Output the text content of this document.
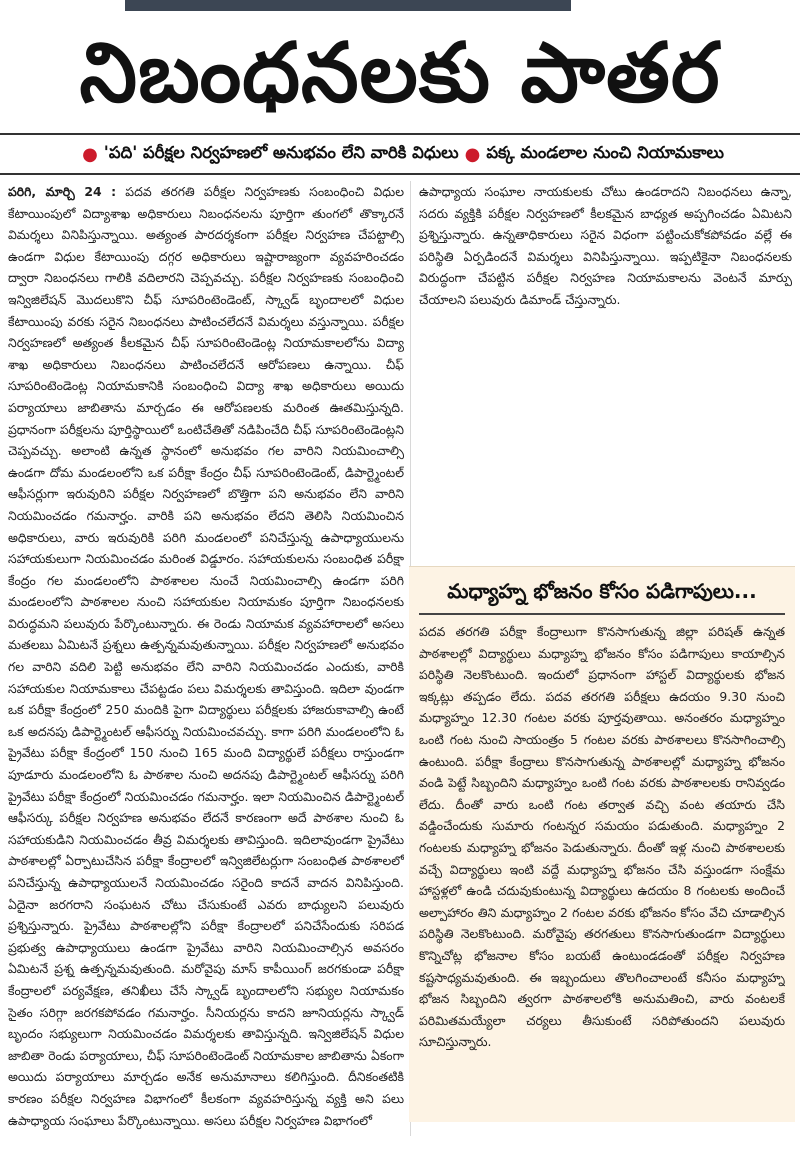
నిబంధనలకు పాతర
● 'పది' పరీక్షల నిర్వహణలో అనుభవం లేని వారికి విధులు ● పక్క మండలాల నుంచి నియామకాలు

పరిగి, మార్చి 24 : పదవ తరగతి పరీక్షల నిర్వహణకు సంబంధించి విధుల కేటాయింపులో విద్యాశాఖ అధికారులు నిబంధనలను పూర్తిగా తుంగలో తొక్కారనే విమర్శలు వినిపిస్తున్నాయి. అత్యంత పారదర్శకంగా పరీక్షల నిర్వహణ చేపట్టాల్సి ఉండగా విధుల కేటాయింపు దగ్గర అధికారులు ఇష్టారాజ్యంగా వ్యవహరించడం ద్వారా నిబంధనలు గాలికి వదిలారని చెప్పవచ్చు. పరీక్షల నిర్వహణకు సంబంధించి ఇన్విజిలేషన్ మొదలుకొని చీఫ్ సూపరింటెండెంట్, స్క్వాడ్ బృందాలలో విధుల కేటాయింపు వరకు సరైన నిబంధనలు పాటించలేదనే విమర్శలు వస్తున్నాయి. పరీక్షల నిర్వహణలో అత్యంత కీలకమైన చీఫ్ సూపరింటెండెంట్ల నియామకాలలోను విద్యా శాఖ అధికారులు నిబంధనలు పాటించలేదనే ఆరోపణలు ఉన్నాయి. చీఫ్ సూపరింటెండెంట్ల నియామకానికి సంబంధించి విద్యా శాఖ అధికారులు అయిదు పర్యాయాలు జాబితాను మార్చడం ఈ ఆరోపణలకు మరింత ఊతమిస్తున్నది. ప్రధానంగా పరీక్షలను పూర్తిస్థాయిలో ఒంటిచేతితో నడిపించేది చీఫ్ సూపరింటెండెంట్లని చెప్పవచ్చు. అలాంటి ఉన్నత స్థానంలో అనుభవం గల వారిని నియమించాల్సి ఉండగా దోమ మండలంలోని ఒక పరీక్షా కేంద్రం చీఫ్ సూపరింటెండెంట్, డిపార్ట్మెంటల్ ఆఫీసర్లుగా ఇరువురిని పరీక్షల నిర్వహణలో బొత్తిగా పని అనుభవం లేని వారిని నియమించడం గమనార్హం. వారికి పని అనుభవం లేదని తెలిసి నియమించిన అధికారులు, వారు ఇరువురికి పరిగి మండలంలో పనిచేస్తున్న ఉపాధ్యాయులను సహాయకులుగా నియమించడం మరింత విడ్డూరం. సహాయకులను సంబంధిత పరీక్షా కేంద్రం గల మండలంలోని పాఠశాలల నుంచే నియమించాల్సి ఉండగా పరిగి మండలంలోని పాఠశాలల నుంచి సహాయకుల నియామకం పూర్తిగా నిబంధనలకు విరుద్ధమని పలువురు పేర్కొంటున్నారు. ఈ రెండు నియామక వ్యవహారాలలో అసలు మతలబు ఏమిటనే ప్రశ్నలు ఉత్పన్నమవుతున్నాయి. పరీక్షల నిర్వహణలో అనుభవం గల వారిని వదిలి పెట్టి అనుభవం లేని వారిని నియమించడం ఎందుకు, వారికి సహాయకుల నియామకాలు చేపట్టడం పలు విమర్శలకు తావిస్తుంది. ఇదిలా వుండగా ఒక పరీక్షా కేంద్రంలో 250 మందికి పైగా విద్యార్థులు పరీక్షలకు హాజరుకావాల్సి ఉంటే ఒక అదనపు డిపార్ట్మెంటల్ ఆఫీసర్ను నియమించవచ్చు. కాగా పరిగి మండలంలోని ఓ ప్రైవేటు పరీక్షా కేంద్రంలో 150 నుంచి 165 మంది విద్యార్థులే పరీక్షలు రాస్తుండగా పూడూరు మండలంలోని ఓ పాఠశాల నుంచి అదనపు డిపార్ట్మెంటల్ ఆఫీసర్ను పరిగి ప్రైవేటు పరీక్షా కేంద్రంలో నియమించడం గమనార్హం. ఇలా నియమించిన డిపార్ట్మెంటల్ ఆఫీసర్కు పరీక్షల నిర్వహణ అనుభవం లేదనే కారణంగా అదే పాఠశాల నుంచి ఓ సహాయకుడిని నియమించడం తీవ్ర విమర్శలకు తావిస్తుంది. ఇదిలావుండగా ప్రైవేటు పాఠశాలల్లో ఏర్పాటుచేసిన పరీక్షా కేంద్రాలలో ఇన్విజిలేటర్లుగా సంబంధిత పాఠశాలలో పనిచేస్తున్న ఉపాధ్యాయులనే నియమించడం సరైంది కాదనే వాదన వినిపిస్తుంది. ఏదైనా జరగరాని సంఘటన చోటు చేసుకుంటే ఎవరు బాధ్యులని పలువురు ప్రశ్నిస్తున్నారు. ప్రైవేటు పాఠశాలల్లోని పరీక్షా కేంద్రాలలో పనిచేసేందుకు సరిపడ ప్రభుత్వ ఉపాధ్యాయులు ఉండగా ప్రైవేటు వారిని నియమించాల్సిన అవసరం ఏమిటనే ప్రశ్న ఉత్పన్నమవుతుంది. మరోవైపు మాస్ కాపీయింగ్ జరగకుండా పరీక్షా కేంద్రాలలో పర్యవేక్షణ, తనిఖీలు చేసే స్క్వాడ్ బృందాలలోని సభ్యుల నియామకం సైతం సరిగ్గా జరగకపోవడం గమనార్హం. సీనియర్లను కాదని జూనియర్లను స్క్వాడ్ బృందం సభ్యులుగా నియమించడం విమర్శలకు తావిస్తున్నది. ఇన్విజిలేషన్ విధుల జాబితా రెండు పర్యాయాలు, చీఫ్ సూపరింటెండెంట్ నియామకాల జాబితాను ఏకంగా అయిదు పర్యాయాలు మార్చడం అనేక అనుమానాలు కలిగిస్తుంది. దీనికంతటికి కారణం పరీక్షల నిర్వహణ విభాగంలో కీలకంగా వ్యవహరిస్తున్న వ్యక్తి అని పలు ఉపాధ్యాయ సంఘాలు పేర్కొంటున్నాయి. అసలు పరీక్షల నిర్వహణ విభాగంలో

ఉపాధ్యాయ సంఘాల నాయకులకు చోటు ఉండరాదని నిబంధనలు ఉన్నా, సదరు వ్యక్తికి పరీక్షల నిర్వహణలో కీలకమైన బాధ్యత అప్పగించడం ఏమిటని ప్రశ్నిస్తున్నారు. ఉన్నతాధికారులు సరైన విధంగా పట్టించుకోకపోవడం వల్లే ఈ పరిస్థితి ఏర్పడిందనే విమర్శలు వినిపిస్తున్నాయి. ఇప్పటికైనా నిబంధనలకు విరుద్ధంగా చేపట్టిన పరీక్షల నిర్వహణ నియామకాలను వెంటనే మార్పు చేయాలని పలువురు డిమాండ్ చేస్తున్నారు.

మధ్యాహ్న భోజనం కోసం పడిగాపులు...
పదవ తరగతి పరీక్షా కేంద్రాలుగా కొనసాగుతున్న జిల్లా పరిషత్ ఉన్నత పాఠశాలల్లో విద్యార్థులు మధ్యాహ్న భోజనం కోసం పడిగాపులు కాయాల్సిన పరిస్థితి నెలకొంటుంది. ఇందులో ప్రధానంగా హాస్టల్ విద్యార్థులకు భోజన ఇక్కట్లు తప్పడం లేదు. పదవ తరగతి పరీక్షలు ఉదయం 9.30 నుంచి మధ్యాహ్నం 12.30 గంటల వరకు పూర్తవుతాయి. అనంతరం మధ్యాహ్నం ఒంటి గంట నుంచి సాయంత్రం 5 గంటల వరకు పాఠశాలలు కొనసాగించాల్సి ఉంటుంది. పరీక్షా కేంద్రాలు కొనసాగుతున్న పాఠశాలల్లో మధ్యాహ్న భోజనం వండి పెట్టే సిబ్బందిని మధ్యాహ్నం ఒంటి గంట వరకు పాఠశాలలకు రానివ్వడం లేదు. దీంతో వారు ఒంటి గంట తర్వాత వచ్చి వంట తయారు చేసి వడ్డించేందుకు సుమారు గంటన్నర సమయం పడుతుంది. మధ్యాహ్నం 2 గంటలకు మధ్యాహ్న భోజనం పెడుతున్నారు. దీంతో ఇళ్ల నుంచి పాఠశాలలకు వచ్చే విద్యార్థులు ఇంటి వద్దే మధ్యాహ్న భోజనం చేసి వస్తుండగా సంక్షేమ హాస్టళ్లలో ఉండి చదువుకుంటున్న విద్యార్థులు ఉదయం 8 గంటలకు అందించే అల్పాహారం తిని మధ్యాహ్నం 2 గంటల వరకు భోజనం కోసం వేచి చూడాల్సిన పరిస్థితి నెలకొంటుంది. మరోవైపు తరగతులు కొనసాగుతుండగా విద్యార్థులు కొన్నిచోట్ల భోజనాల కోసం బయటే ఉంటుండడంతో పరీక్షల నిర్వహణ కష్టసాధ్యమవుతుంది. ఈ ఇబ్బందులు తొలగించాలంటే కనీసం మధ్యాహ్న భోజన సిబ్బందిని త్వరగా పాఠశాలలోకి అనుమతించి, వారు వంటలకే పరిమితమయ్యేలా చర్యలు తీసుకుంటే సరిపోతుందని పలువురు సూచిస్తున్నారు.
